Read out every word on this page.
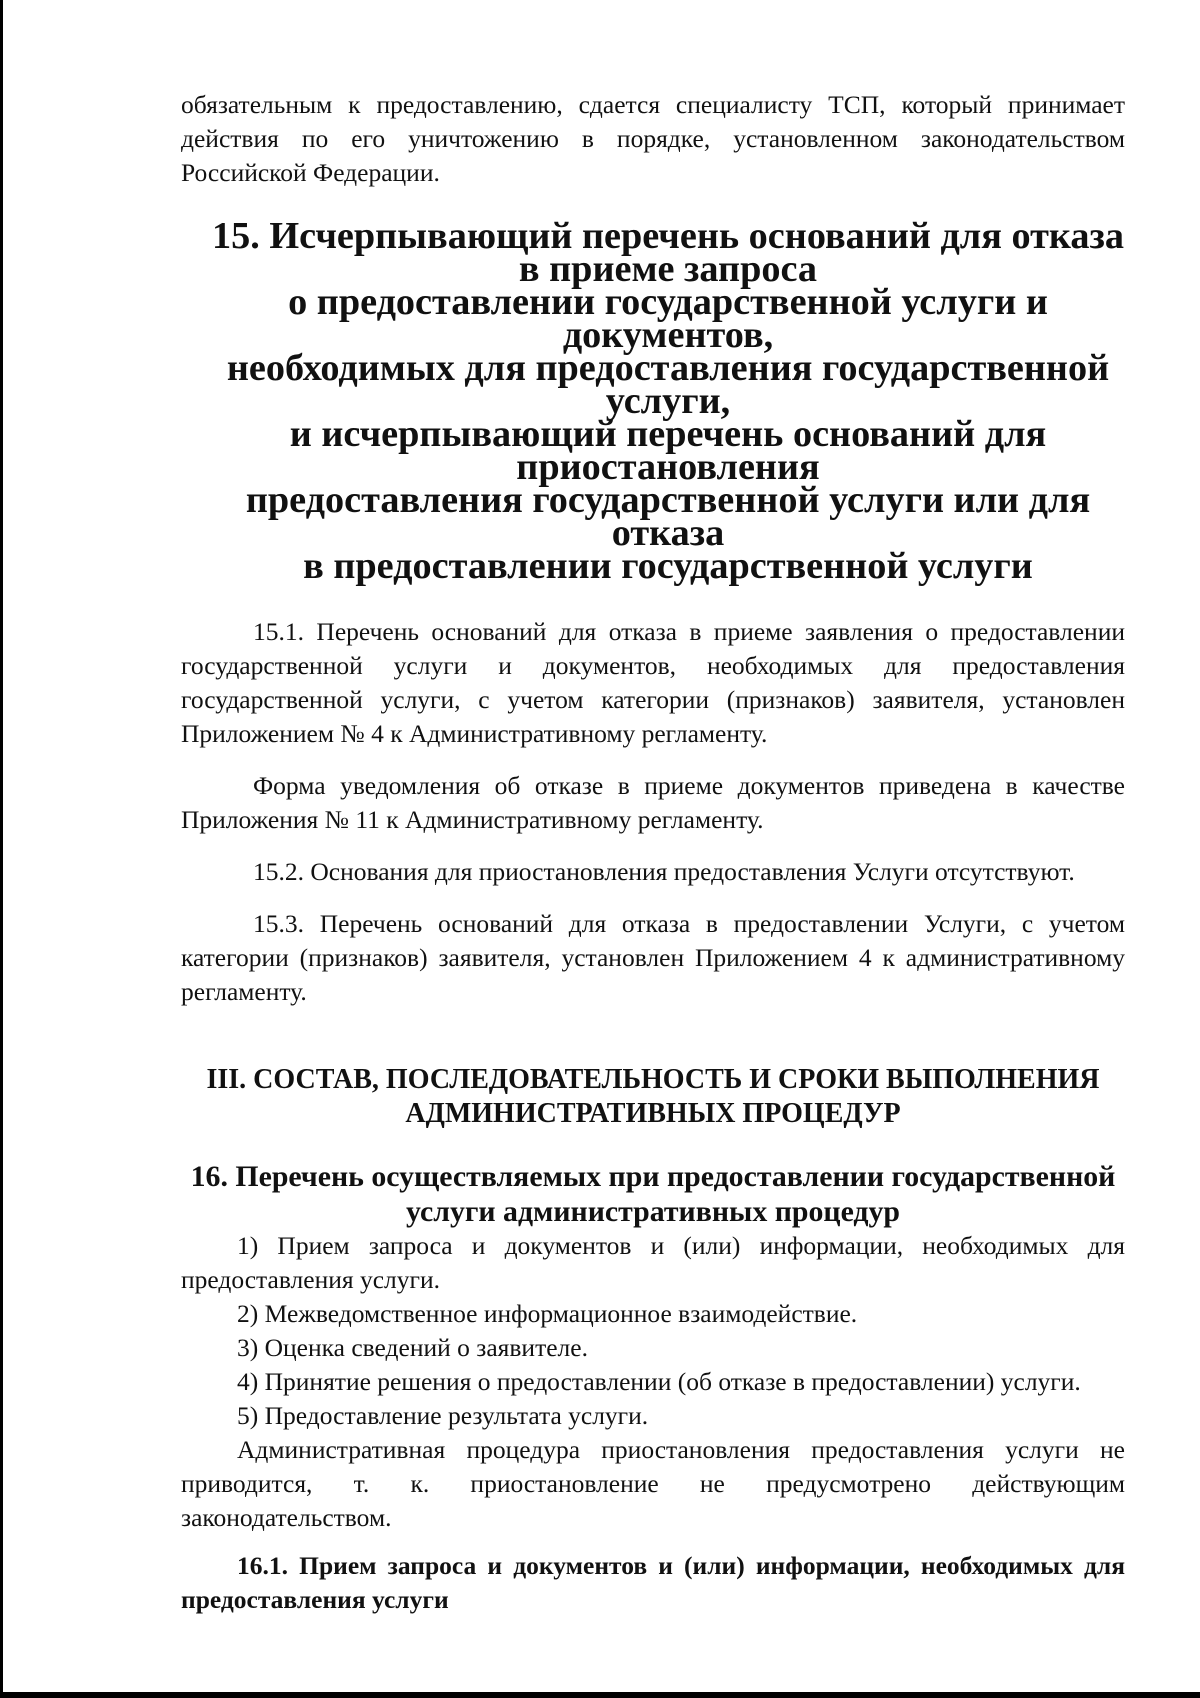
обязательным к предоставлению, сдается специалисту ТСП, который принимает действия по его уничтожению в порядке, установленном законодательством Российской Федерации.

15. Исчерпывающий перечень оснований для отказа в приеме запроса
о предоставлении государственной услуги и документов,
необходимых для предоставления государственной услуги,
и исчерпывающий перечень оснований для приостановления
предоставления государственной услуги или для отказа
в предоставлении государственной услуги

15.1. Перечень оснований для отказа в приеме заявления о предоставлении государственной услуги и документов, необходимых для предоставления государственной услуги, с учетом категории (признаков) заявителя, установлен Приложением № 4 к Административному регламенту.

Форма уведомления об отказе в приеме документов приведена в качестве Приложения № 11 к Административному регламенту.

15.2. Основания для приостановления предоставления Услуги отсутствуют.

15.3. Перечень оснований для отказа в предоставлении Услуги, с учетом категории (признаков) заявителя, установлен Приложением 4 к административному регламенту.

III. СОСТАВ, ПОСЛЕДОВАТЕЛЬНОСТЬ И СРОКИ ВЫПОЛНЕНИЯ
АДМИНИСТРАТИВНЫХ ПРОЦЕДУР
16. Перечень осуществляемых при предоставлении государственной
услуги административных процедур

1) Прием запроса и документов и (или) информации, необходимых для предоставления услуги.

2) Межведомственное информационное взаимодействие.

3) Оценка сведений о заявителе.

4) Принятие решения о предоставлении (об отказе в предоставлении) услуги.

5) Предоставление результата услуги.

Административная процедура приостановления предоставления услуги не приводится, т. к. приостановление не предусмотрено действующим законодательством.

16.1. Прием запроса и документов и (или) информации, необходимых для предоставления услуги
